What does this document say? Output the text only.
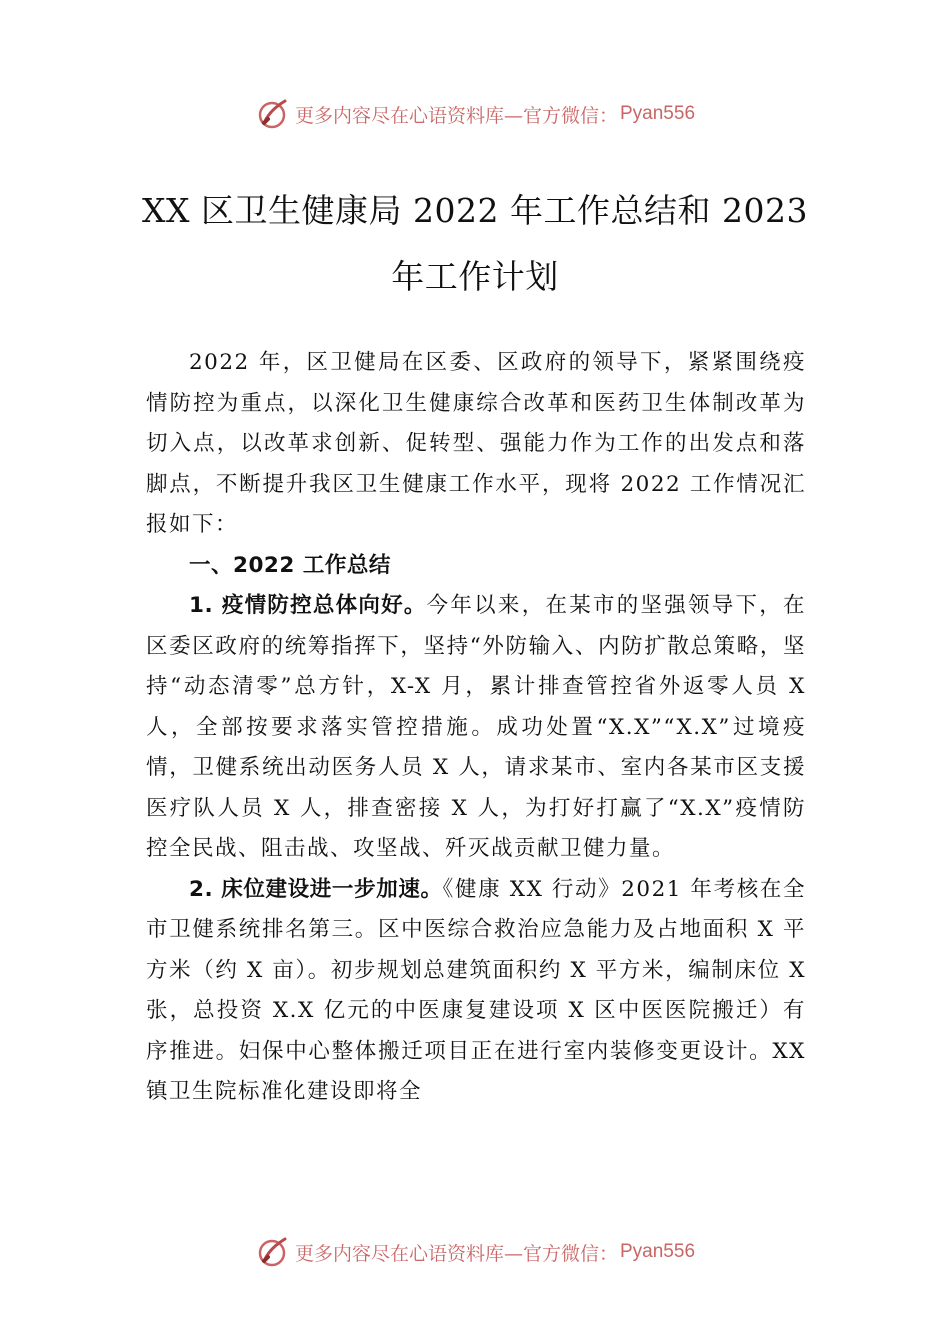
更多内容尽在心语资料库—官方微信： Pyan556
XX 区卫生健康局 2022 年工作总结和 2023 年工作计划

2022 年，区卫健局在区委、区政府的领导下，紧紧围绕疫情防控为重点，以深化卫生健康综合改革和医药卫生体制改革为切入点，以改革求创新、促转型、强能力作为工作的出发点和落脚点，不断提升我区卫生健康工作水平，现将 2022 工作情况汇报如下：

一、2022 工作总结

1. 疫情防控总体向好。今年以来，在某市的坚强领导下，在区委区政府的统筹指挥下，坚持“外防输入、内防扩散总策略，坚持“动态清零”总方针，X-X 月，累计排查管控省外返零人员 X 人，全部按要求落实管控措施。成功处置“X.X”“X.X”过境疫情，卫健系统出动医务人员 X 人，请求某市、室内各某市区支援医疗队人员 X 人，排查密接 X 人，为打好打赢了“X.X”疫情防控全民战、阻击战、攻坚战、歼灭战贡献卫健力量。

2. 床位建设进一步加速。《健康 XX 行动》2021 年考核在全市卫健系统排名第三。区中医综合救治应急能力及占地面积 X 平方米（约 X 亩）。初步规划总建筑面积约 X 平方米，编制床位 X 张，总投资 X.X 亿元的中医康复建设项 X 区中医医院搬迁）有序推进。妇保中心整体搬迁项目正在进行室内装修变更设计。XX 镇卫生院标准化建设即将全

更多内容尽在心语资料库—官方微信： Pyan556
